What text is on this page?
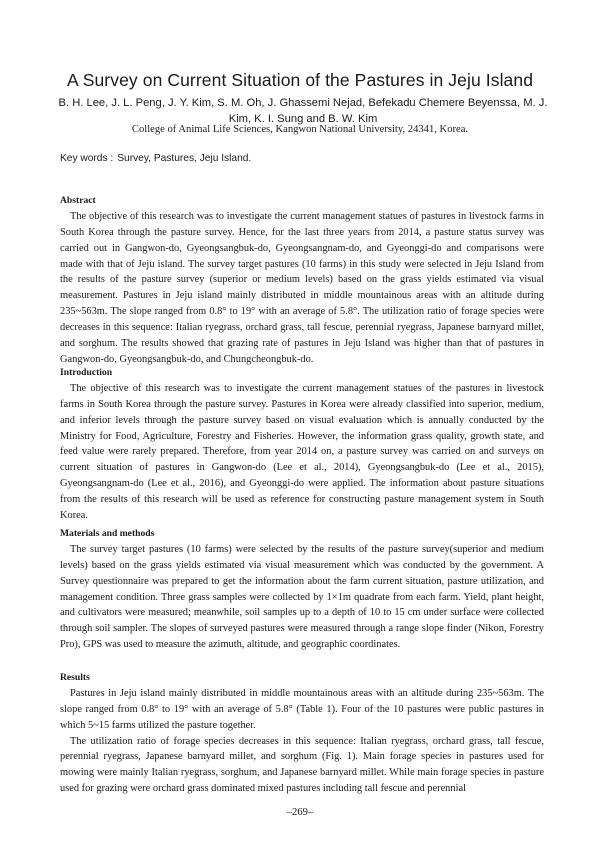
A Survey on Current Situation of the Pastures in Jeju Island
B. H. Lee, J. L. Peng, J. Y. Kim, S. M. Oh, J. Ghassemi Nejad, Befekadu Chemere Beyenssa, M. J. Kim, K. I. Sung and B. W. Kim
College of Animal Life Sciences, Kangwon National University, 24341, Korea.
Key words : Survey, Pastures, Jeju Island.
Abstract

The objective of this research was to investigate the current management statues of pastures in livestock farms in South Korea through the pasture survey. Hence, for the last three years from 2014, a pasture status survey was carried out in Gangwon-do, Gyeongsangbuk-do, Gyeongsangnam-do, and Gyeonggi-do and comparisons were made with that of Jeju island. The survey target pastures (10 farms) in this study were selected in Jeju Island from the results of the pasture survey (superior or medium levels) based on the grass yields estimated via visual measurement. Pastures in Jeju island mainly distributed in middle mountainous areas with an altitude during 235~563m. The slope ranged from 0.8° to 19° with an average of 5.8°. The utilization ratio of forage species were decreases in this sequence: Italian ryegrass, orchard grass, tall fescue, perennial ryegrass, Japanese barnyard millet, and sorghum. The results showed that grazing rate of pastures in Jeju Island was higher than that of pastures in Gangwon-do, Gyeongsangbuk-do, and Chungcheongbuk-do.

Introduction

The objective of this research was to investigate the current management statues of the pastures in livestock farms in South Korea through the pasture survey. Pastures in Korea were already classified into superior, medium, and inferior levels through the pasture survey based on visual evaluation which is annually conducted by the Ministry for Food, Agriculture, Forestry and Fisheries. However, the information grass quality, growth state, and feed value were rarely prepared. Therefore, from year 2014 on, a pasture survey was carried on and surveys on current situation of pastures in Gangwon-do (Lee et al., 2014), Gyeongsangbuk-do (Lee et al., 2015), Gyeongsangnam-do (Lee et al., 2016), and Gyeonggi-do were applied. The information about pasture situations from the results of this research will be used as reference for constructing pasture management system in South Korea.

Materials and methods

The survey target pastures (10 farms) were selected by the results of the pasture survey(superior and medium levels) based on the grass yields estimated via visual measurement which was conducted by the government. A Survey questionnaire was prepared to get the information about the farm current situation, pasture utilization, and management condition. Three grass samples were collected by 1×1m quadrate from each farm. Yield, plant height, and cultivators were measured; meanwhile, soil samples up to a depth of 10 to 15 cm under surface were collected through soil sampler. The slopes of surveyed pastures were measured through a range slope finder (Nikon, Forestry Pro), GPS was used to measure the azimuth, altitude, and geographic coordinates.

Results

Pastures in Jeju island mainly distributed in middle mountainous areas with an altitude during 235~563m. The slope ranged from 0.8° to 19° with an average of 5.8° (Table 1). Four of the 10 pastures were public pastures in which 5~15 farms utilized the pasture together.

The utilization ratio of forage species decreases in this sequence: Italian ryegrass, orchard grass, tall fescue, perennial ryegrass, Japanese barnyard millet, and sorghum (Fig. 1). Main forage species in pastures used for mowing were mainly Italian ryegrass, sorghum, and Japanese barnyard millet. While main forage species in pasture used for grazing were orchard grass dominated mixed pastures including tall fescue and perennial

–269–
